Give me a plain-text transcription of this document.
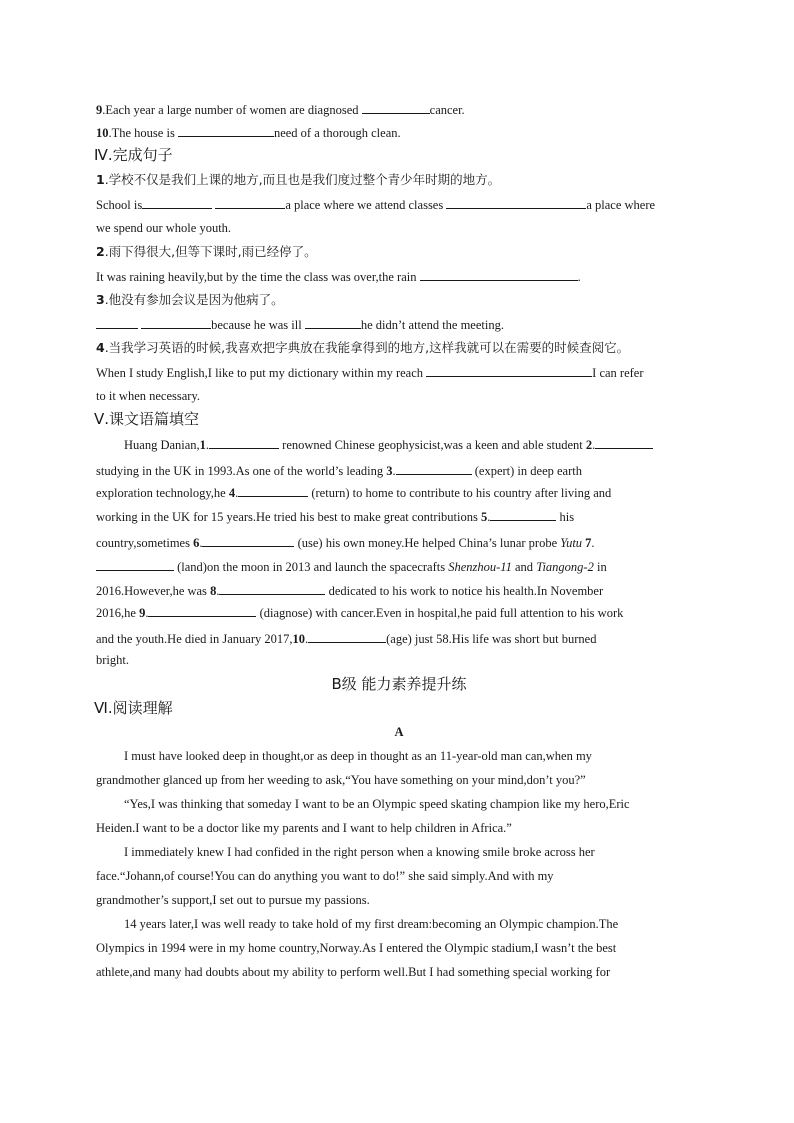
9.Each year a large number of women are diagnosed	cancer.
10.The house is	need of a thorough clean.
Ⅳ.完成句子
1.学校不仅是我们上课的地方,而且也是我们度过整个青少年时期的地方。
School is	a place where we attend classes	a place where
we spend our whole youth.
2.雨下得很大,但等下课时,雨已经停了。
It was raining heavily,but by the time the class was over,the rain	.
3.他没有参加会议是因为他病了。
because he was ill	he didn’t attend the meeting.
4.当我学习英语的时候,我喜欢把字典放在我能拿得到的地方,这样我就可以在需要的时候查阅它。
When I study English,I like to put my dictionary within my reach	I can refer
to it when necessary.
Ⅴ.课文语篇填空
Huang Danian,1.	renowned Chinese geophysicist,was a keen and able student 2.
studying in the UK in 1993.As one of the world’s leading 3.	(expert) in deep earth
exploration technology,he 4.	(return) to home to contribute to his country after living and
working in the UK for 15 years.He tried his best to make great contributions 5.	his
country,sometimes 6.	(use) his own money.He helped China’s lunar probe Yutu 7.
(land)on the moon in 2013 and launch the spacecrafts Shenzhou-11 and Tiangong-2 in
2016.However,he was 8.	dedicated to his work to notice his health.In November
2016,he 9.	(diagnose) with cancer.Even in hospital,he paid full attention to his work
and the youth.He died in January 2017,10.	(age) just 58.His life was short but burned
bright.
B级 能力素养提升练
Ⅵ.阅读理解
A
I must have looked deep in thought,or as deep in thought as an 11-year-old man can,when my
grandmother glanced up from her weeding to ask,“You have something on your mind,don’t you?”
“Yes,I was thinking that someday I want to be an Olympic speed skating champion like my hero,Eric
Heiden.I want to be a doctor like my parents and I want to help children in Africa.”
I immediately knew I had confided in the right person when a knowing smile broke across her
face.“Johann,of course!You can do anything you want to do!” she said simply.And with my
grandmother’s support,I set out to pursue my passions.
14 years later,I was well ready to take hold of my first dream:becoming an Olympic champion.The
Olympics in 1994 were in my home country,Norway.As I entered the Olympic stadium,I wasn’t the best
athlete,and many had doubts about my ability to perform well.But I had something special working for
